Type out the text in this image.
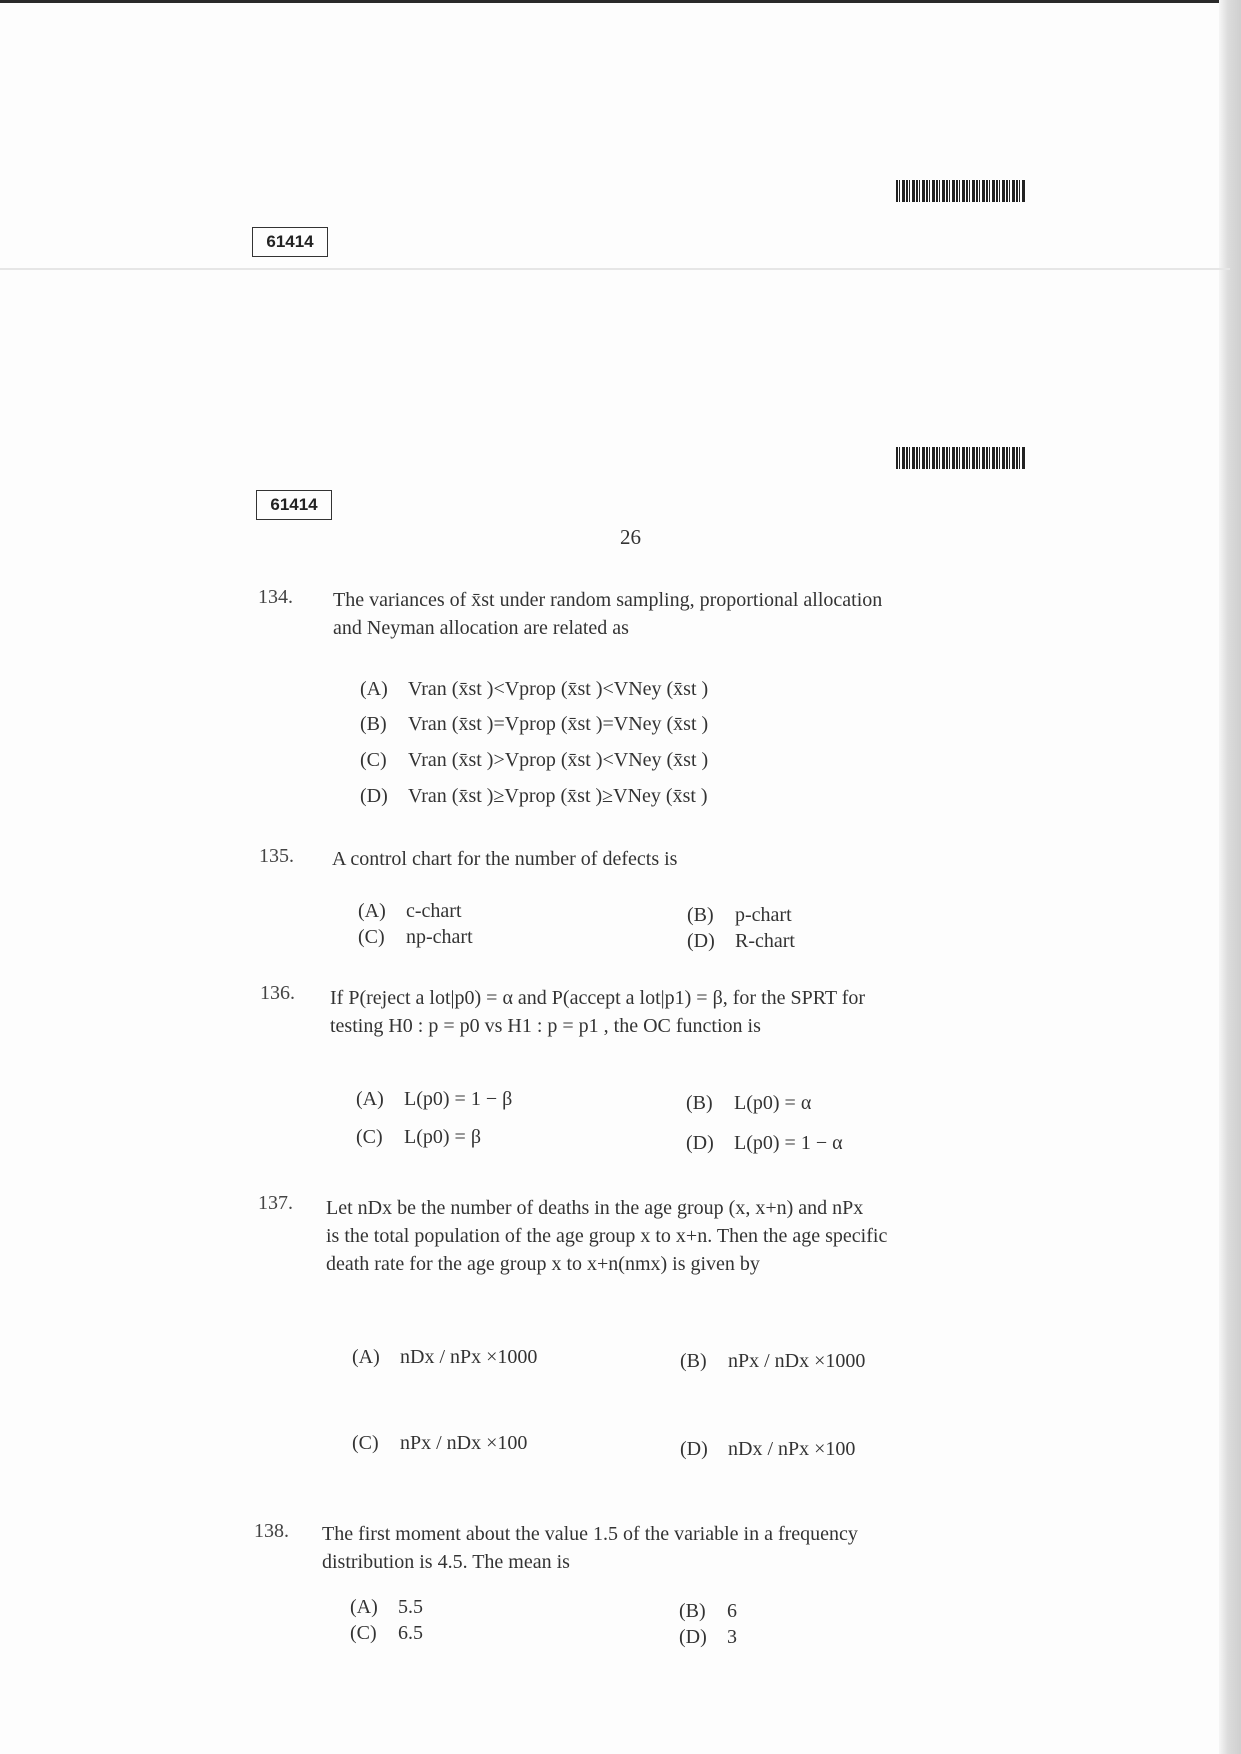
61414
61414
26
134. The variances of x̄st under random sampling, proportional allocation
and Neyman allocation are related as
(A) Vran (x̄st )<Vprop (x̄st )<VNey (x̄st )
(B) Vran (x̄st )=Vprop (x̄st )=VNey (x̄st )
(C) Vran (x̄st )>Vprop (x̄st )<VNey (x̄st )
(D) Vran (x̄st )≥Vprop (x̄st )≥VNey (x̄st )
135. A control chart for the number of defects is
(A) c-chart	(B) p-chart
(C) np-chart	(D) R-chart
136. If P(reject a lot|p0) = α and P(accept a lot|p1) = β, for the SPRT for
testing H0 : p = p0 vs H1 : p = p1 , the OC function is
(A) L(p0) = 1 − β	(B) L(p0) = α
(C) L(p0) = β	(D) L(p0) = 1 − α
137. Let nDx be the number of deaths in the age group (x, x+n) and nPx
is the total population of the age group x to x+n. Then the age specific
death rate for the age group x to x+n(nmx) is given by
(A) nDx / nPx ×1000	(B) nPx / nDx ×1000
(C) nPx / nDx ×100	(D) nDx / nPx ×100
138. The first moment about the value 1.5 of the variable in a frequency
distribution is 4.5. The mean is
(A) 5.5	(B) 6
(C) 6.5	(D) 3
